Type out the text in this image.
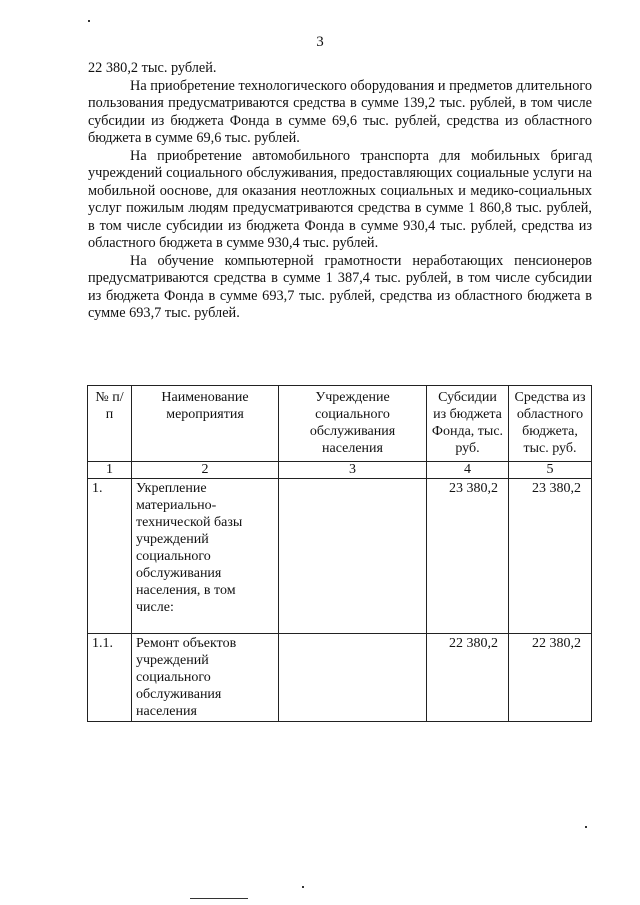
3

22 380,2 тыс. рублей.

На приобретение технологического оборудования и предметов длительного пользования предусматриваются средства в сумме 139,2 тыс. рублей, в том числе субсидии из бюджета Фонда в сумме 69,6 тыс. рублей, средства из областного бюджета в сумме 69,6 тыс. рублей.

На приобретение автомобильного транспорта для мобильных бригад учреждений социального обслуживания, предоставляющих социальные услуги на мобильной ооснове, для оказания неотложных социальных и медико-социальных услуг пожилым людям предусматриваются средства в сумме 1 860,8 тыс. рублей, в том числе субсидии из бюджета Фонда в сумме 930,4 тыс. рублей, средства из областного бюджета в сумме 930,4 тыс. рублей.

На обучение компьютерной грамотности неработающих пенсионеров предусматриваются средства в сумме 1 387,4 тыс. рублей, в том числе субсидии из бюджета Фонда в сумме 693,7 тыс. рублей, средства из областного бюджета в сумме 693,7 тыс. рублей.

№ п/п	Наименование мероприятия	Учреждение социального обслуживания населения	Субсидии из бюджета Фонда, тыс. руб.	Средства из областного бюджета, тыс. руб.
1	2	3	4	5
1.	Укрепление материально-технической базы учреждений социального обслуживания населения, в том числе:		23 380,2	23 380,2
1.1.	Ремонт объектов учреждений социального обслуживания населения		22 380,2	22 380,2
